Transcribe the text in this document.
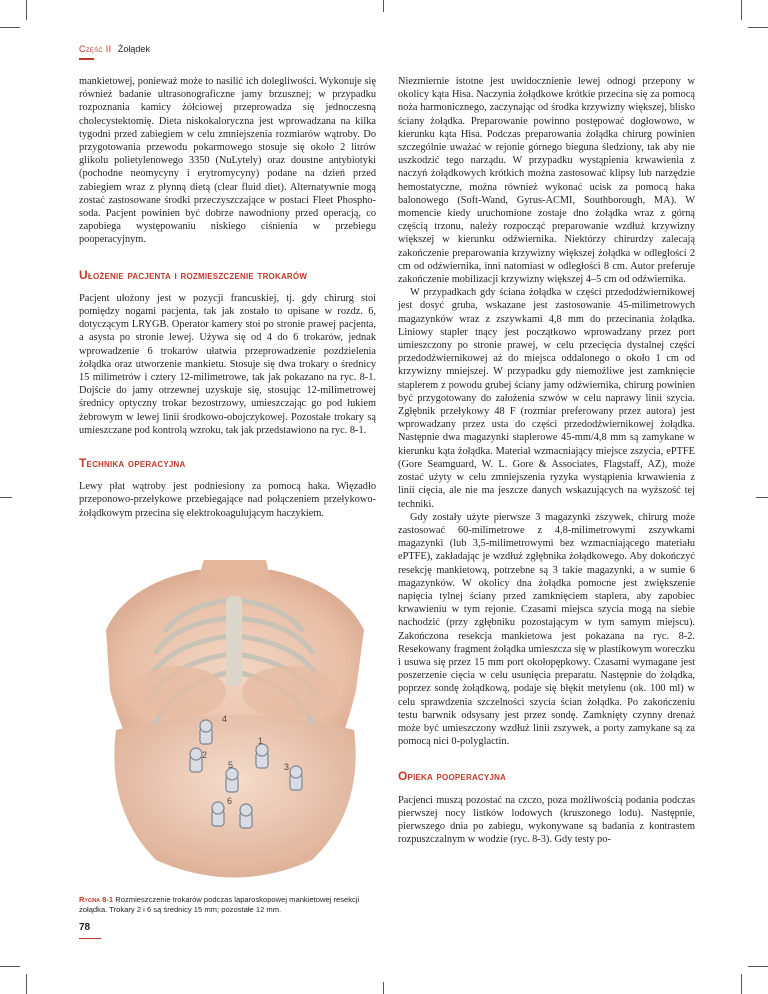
Część II Żołądek

mankietowej, ponieważ może to nasilić ich dolegliwości. Wykonuje się również badanie ultrasonograficzne jamy brzusznej; w przypadku rozpoznania kamicy żółciowej przeprowadza się jednoczesną cholecystektomię. Dieta niskokaloryczna jest wprowadzana na kilka tygodni przed zabiegiem w celu zmniejszenia rozmiarów wątroby. Do przygotowania przewodu pokarmowego stosuje się około 2 litrów glikolu polietylenowego 3350 (NuLytely) oraz doustne antybiotyki (pochodne neomycyny i erytromycyny) podane na dzień przed zabiegiem wraz z płynną dietą (clear fluid diet). Alternatywnie mogą zostać zastosowane środki przeczyszczające w postaci Fleet Phospho-soda. Pacjent powinien być dobrze nawodniony przed operacją, co zapobiega występowaniu niskiego ciśnienia w przebiegu pooperacyjnym.

Ułożenie pacjenta i rozmieszczenie trokarów

Pacjent ułożony jest w pozycji francuskiej, tj. gdy chirurg stoi pomiędzy nogami pacjenta, tak jak zostało to opisane w rozdz. 6, dotyczącym LRYGB. Operator kamery stoi po stronie prawej pacjenta, a asysta po stronie lewej. Używa się od 4 do 6 trokarów, jednak wprowadzenie 6 trokarów ułatwia przeprowadzenie pozdzielenia żołądka oraz utworzenie mankietu. Stosuje się dwa trokary o średnicy 15 milimetrów i cztery 12-milimetrowe, tak jak pokazano na ryc. 8-1. Dojście do jamy otrzewnej uzyskuje się, stosując 12-milimetrowej średnicy optyczny trokar bezostrzowy, umieszczając go pod łukiem żebrowym w lewej linii środkowo-obojczykowej. Pozostałe trokary są umieszczane pod kontrolą wzroku, tak jak przedstawiono na ryc. 8-1.

Technika operacyjna

Lewy płat wątroby jest podniesiony za pomocą haka. Więzadło przeponowo-przełykowe przebiegające nad połączeniem przełykowo-żołądkowym przecina się elektrokoagulującym haczykiem.

4
2
1
5	3
6
Rycina 8-1 Rozmieszczenie trokarów podczas laparoskopowej mankietowej resekcji żołądka. Trokary 2 i 6 są średnicy 15 mm; pozostałe 12 mm.

Niezmiernie istotne jest uwidocznienie lewej odnogi przepony w okolicy kąta Hisa. Naczynia żołądkowe krótkie przecina się za pomocą noża harmonicznego, zaczynając od środka krzywizny większej, blisko ściany żołądka. Preparowanie powinno postępować dogłowowo, w kierunku kąta Hisa. Podczas preparowania żołądka chirurg powinien szczególnie uważać w rejonie górnego bieguna śledziony, tak aby nie uszkodzić tego narządu. W przypadku wystąpienia krwawienia z naczyń żołądkowych krótkich można zastosować klipsy lub narzędzie hemostatyczne, można również wykonać ucisk za pomocą haka balonowego (Soft-Wand, Gyrus-ACMI, Southborough, MA). W momencie kiedy uruchomione zostaje dno żołądka wraz z górną częścią trzonu, należy rozpocząć preparowanie wzdłuż krzywizny większej w kierunku odźwiernika. Niektórzy chirurdzy zalecają zakończenie preparowania krzywizny większej żołądka w odległości 2 cm od odźwiernika, inni natomiast w odległości 8 cm. Autor preferuje zakończenie mobilizacji krzywizny większej 4–5 cm od odźwiernika.

W przypadkach gdy ściana żołądka w części przedodźwiernikowej jest dosyć gruba, wskazane jest zastosowanie 45-milimetrowych magazynków wraz z zszywkami 4,8 mm do przecinania żołądka. Liniowy stapler tnący jest początkowo wprowadzany przez port umieszczony po stronie prawej, w celu przecięcia dystalnej części przedodźwiernikowej aż do miejsca oddalonego o około 1 cm od krzywizny mniejszej. W przypadku gdy niemożliwe jest zamknięcie staplerem z powodu grubej ściany jamy odźwiernika, chirurg powinien być przygotowany do założenia szwów w celu naprawy linii szycia. Zgłębnik przełykowy 48 F (rozmiar preferowany przez autora) jest wprowadzany przez usta do części przedodźwiernikowej żołądka. Następnie dwa magazynki staplerowe 45-mm/4,8 mm są zamykane w kierunku kąta żołądka. Materiał wzmacniający miejsce zszycia, ePTFE (Gore Seamguard, W. L. Gore & Associates, Flagstaff, AZ), może zostać użyty w celu zmniejszenia ryzyka wystąpienia krwawienia z linii cięcia, ale nie ma jeszcze danych wskazujących na wyższość tej techniki.

Gdy zostały użyte pierwsze 3 magazynki zszywek, chirurg może zastosować 60-milimetrowe z 4,8-milimetrowymi zszywkami magazynki (lub 3,5-milimetrowymi bez wzmacniającego materiału ePTFE), zakładając je wzdłuż zgłębnika żołądkowego. Aby dokończyć resekcję mankietową, potrzebne są 3 takie magazynki, a w sumie 6 magazynków. W okolicy dna żołądka pomocne jest zwiększenie napięcia tylnej ściany przed zamknięciem staplera, aby zapobiec krwawieniu w tym rejonie. Czasami miejsca szycia mogą na siebie nachodzić (przy zgłębniku pozostającym w tym samym miejscu). Zakończona resekcja mankietowa jest pokazana na ryc. 8-2. Resekowany fragment żołądka umieszcza się w plastikowym woreczku i usuwa się przez 15 mm port okołopępkowy. Czasami wymagane jest poszerzenie cięcia w celu usunięcia preparatu. Następnie do żołądka, poprzez sondę żołądkową, podaje się błękit metylenu (ok. 100 ml) w celu sprawdzenia szczelności szycia ścian żołądka. Po zakończeniu testu barwnik odsysany jest przez sondę. Zamknięty czynny drenaż może być umieszczony wzdłuż linii zszywek, a porty zamykane są za pomocą nici 0-polyglactin.

Opieka pooperacyjna

Pacjenci muszą pozostać na czczo, poza możliwością podania podczas pierwszej nocy listków lodowych (kruszonego lodu). Następnie, pierwszego dnia po zabiegu, wykonywane są badania z kontrastem rozpuszczalnym w wodzie (ryc. 8-3). Gdy testy po-

78
